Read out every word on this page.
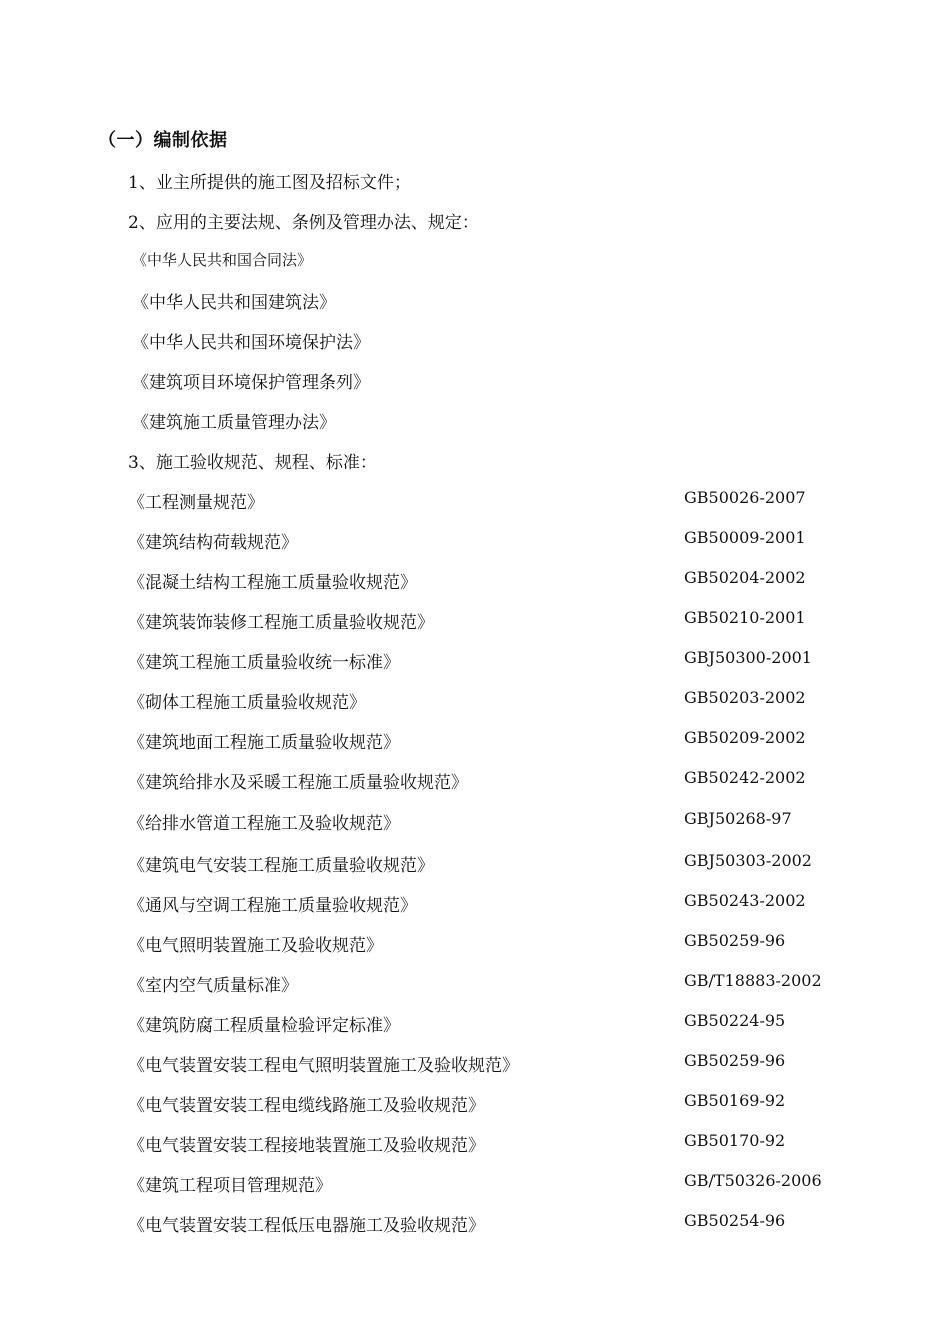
（一）编制依据
1、业主所提供的施工图及招标文件；
2、应用的主要法规、条例及管理办法、规定：
《中华人民共和国合同法》
《中华人民共和国建筑法》
《中华人民共和国环境保护法》
《建筑项目环境保护管理条列》
《建筑施工质量管理办法》
3、施工验收规范、规程、标准：
《工程测量规范》	GB50026-2007
《建筑结构荷载规范》	GB50009-2001
《混凝土结构工程施工质量验收规范》	GB50204-2002
《建筑装饰装修工程施工质量验收规范》	GB50210-2001
《建筑工程施工质量验收统一标准》	GBJ50300-2001
《砌体工程施工质量验收规范》	GB50203-2002
《建筑地面工程施工质量验收规范》	GB50209-2002
《建筑给排水及采暖工程施工质量验收规范》	GB50242-2002
《给排水管道工程施工及验收规范》	GBJ50268-97
《建筑电气安装工程施工质量验收规范》	GBJ50303-2002
《通风与空调工程施工质量验收规范》	GB50243-2002
《电气照明装置施工及验收规范》	GB50259-96
《室内空气质量标准》	GB/T18883-2002
《建筑防腐工程质量检验评定标准》	GB50224-95
《电气装置安装工程电气照明装置施工及验收规范》	GB50259-96
《电气装置安装工程电缆线路施工及验收规范》	GB50169-92
《电气装置安装工程接地装置施工及验收规范》	GB50170-92
《建筑工程项目管理规范》	GB/T50326-2006
《电气装置安装工程低压电器施工及验收规范》	GB50254-96
